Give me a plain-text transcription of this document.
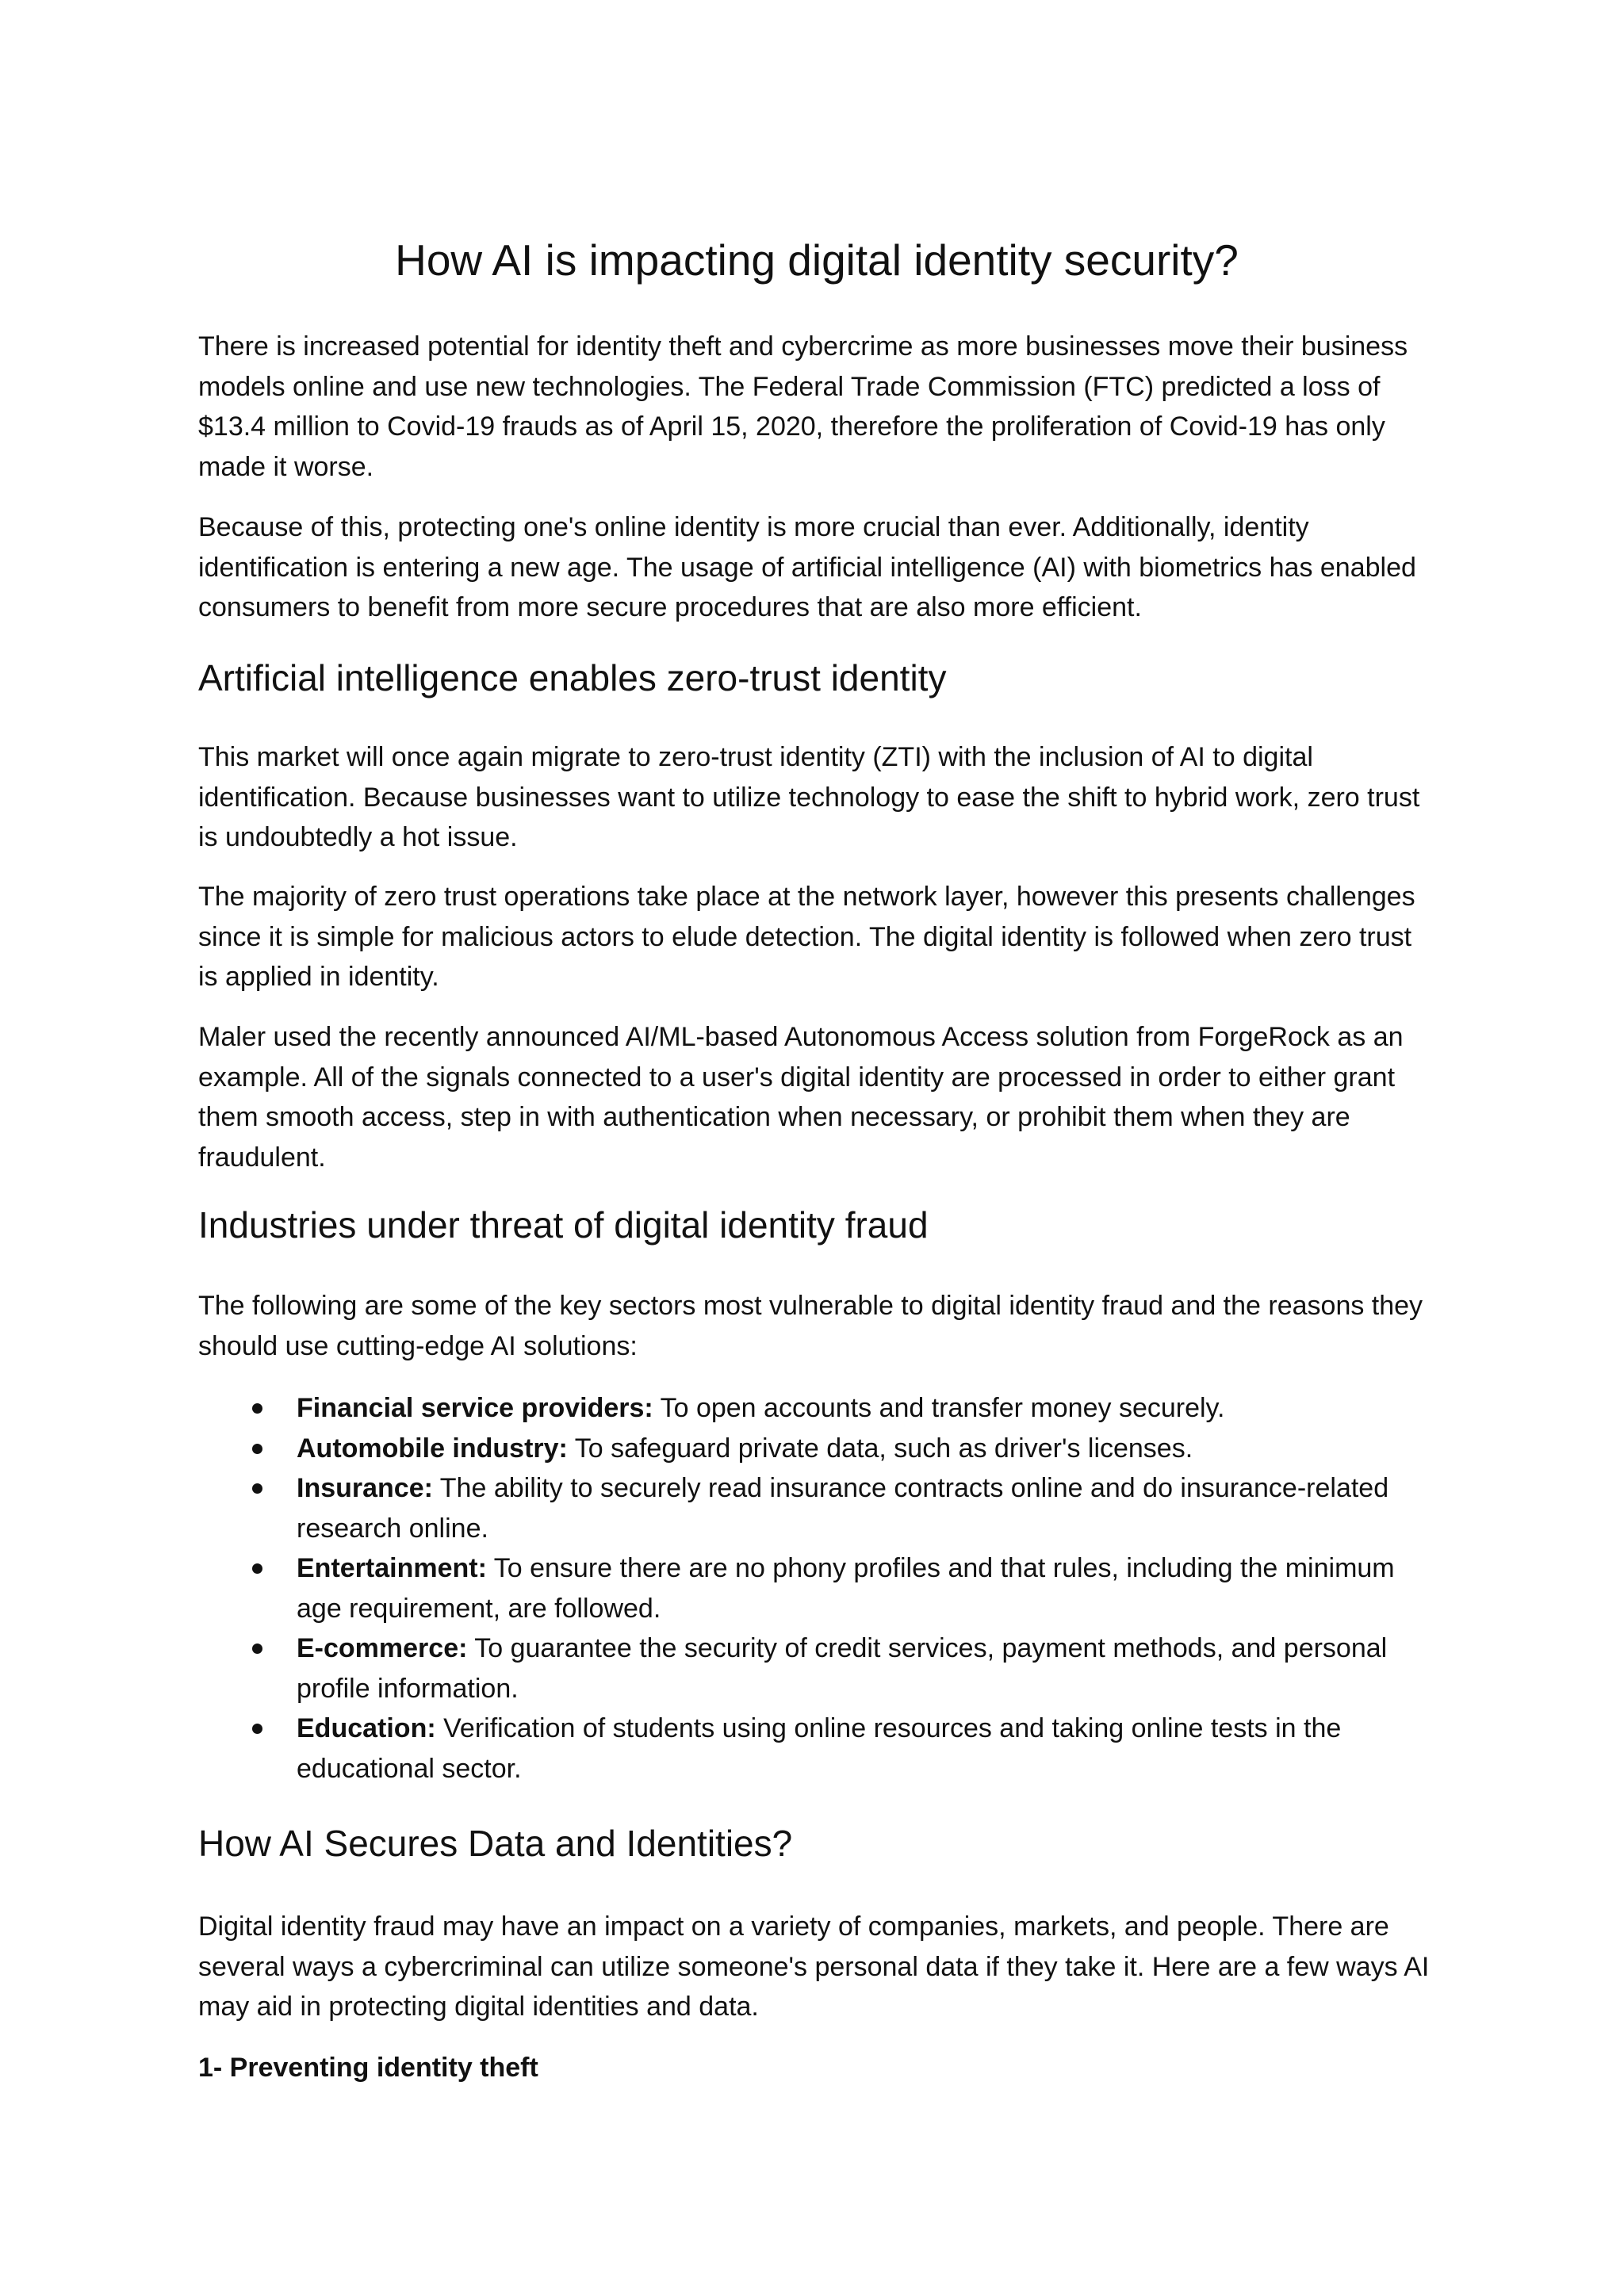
How AI is impacting digital identity security?

There is increased potential for identity theft and cybercrime as more businesses move their business models online and use new technologies. The Federal Trade Commission (FTC) predicted a loss of $13.4 million to Covid-19 frauds as of April 15, 2020, therefore the proliferation of Covid-19 has only made it worse.

Because of this, protecting one's online identity is more crucial than ever. Additionally, identity identification is entering a new age. The usage of artificial intelligence (AI) with biometrics has enabled consumers to benefit from more secure procedures that are also more efficient.

Artificial intelligence enables zero-trust identity

This market will once again migrate to zero-trust identity (ZTI) with the inclusion of AI to digital identification. Because businesses want to utilize technology to ease the shift to hybrid work, zero trust is undoubtedly a hot issue.

The majority of zero trust operations take place at the network layer, however this presents challenges since it is simple for malicious actors to elude detection. The digital identity is followed when zero trust is applied in identity.

Maler used the recently announced AI/ML-based Autonomous Access solution from ForgeRock as an example. All of the signals connected to a user's digital identity are processed in order to either grant them smooth access, step in with authentication when necessary, or prohibit them when they are fraudulent.

Industries under threat of digital identity fraud

The following are some of the key sectors most vulnerable to digital identity fraud and the reasons they should use cutting-edge AI solutions:

Financial service providers: To open accounts and transfer money securely.
Automobile industry: To safeguard private data, such as driver's licenses.
Insurance: The ability to securely read insurance contracts online and do insurance-related research online.
Entertainment: To ensure there are no phony profiles and that rules, including the minimum age requirement, are followed.
E-commerce: To guarantee the security of credit services, payment methods, and personal profile information.
Education: Verification of students using online resources and taking online tests in the educational sector.
How AI Secures Data and Identities?

Digital identity fraud may have an impact on a variety of companies, markets, and people. There are several ways a cybercriminal can utilize someone's personal data if they take it. Here are a few ways AI may aid in protecting digital identities and data.

1- Preventing identity theft
